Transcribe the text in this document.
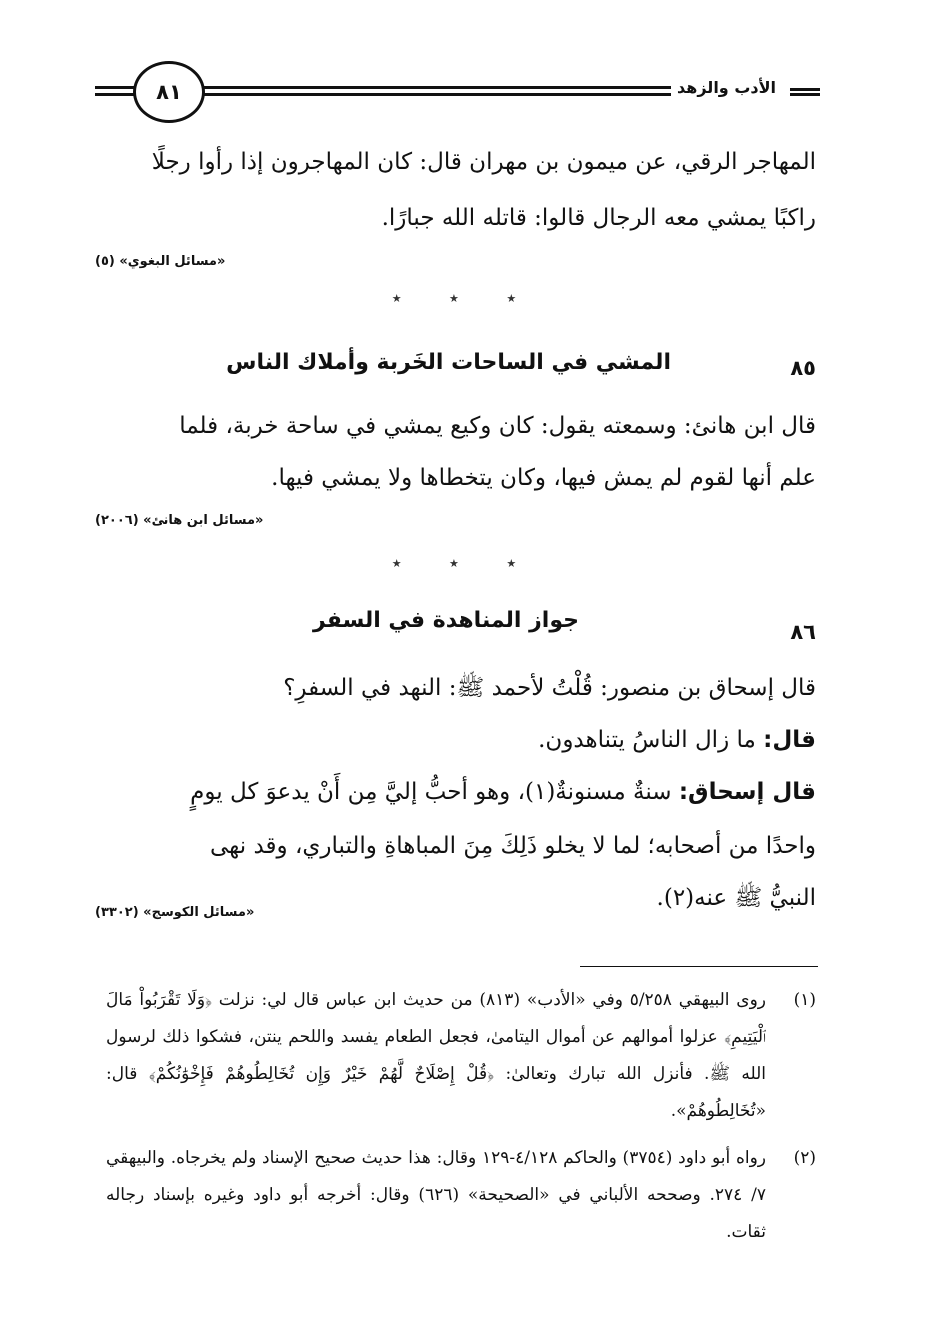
٨١	الأدب والزهد
المهاجر الرقي، عن ميمون بن مهران قال: كان المهاجرون إذا رأوا رجلًا
راكبًا يمشي معه الرجال قالوا: قاتله الله جبارًا.
«مسائل البغوي» (٥)
★ ★ ★
٨٥
المشي في الساحات الخَربة وأملاك الناس
قال ابن هانئ: وسمعته يقول: كان وكيع يمشي في ساحة خربة، فلما
علم أنها لقوم لم يمش فيها، وكان يتخطاها ولا يمشي فيها.
«مسائل ابن هانئ» (٢٠٠٦)
★ ★ ★
٨٦
جواز المناهدة في السفر
قال إسحاق بن منصور: قُلْتُ لأحمد ﷺ: النهد في السفرِ؟
قال: ما زال الناسُ يتناهدون.
قال إسحاق: سنةٌ مسنونةٌ(١)، وهو أحبُّ إليَّ مِن أَنْ يدعوَ كل يومٍ
واحدًا من أصحابه؛ لما لا يخلو ذَلِكَ مِنَ المباهاةِ والتباري، وقد نهى
النبيُّ ﷺ عنه(٢).
«مسائل الكوسج» (٣٣٠٢)
(١)
روى البيهقي ٥/٢٥٨ وفي «الأدب» (٨١٣) من حديث ابن عباس قال لي: نزلت ﴿وَلَا تَقْرَبُواْ مَالَ ٱلْيَتِيمِ﴾ عزلوا أموالهم عن أموال اليتامىٰ، فجعل الطعام يفسد واللحم ينتن، فشكوا ذلك لرسول الله ﷺ. فأنزل الله تبارك وتعالىٰ: ﴿قُلْ إِصْلَاحٌ لَّهُمْ خَيْرٌ وَإِن تُخَالِطُوهُمْ فَإِخْوَٰنُكُمْ﴾ قال: «تُخَالِطُوهُمْ».
(٢)
رواه أبو داود (٣٧٥٤) والحاكم ٤/١٢٨-١٢٩ وقال: هذا حديث صحيح الإسناد ولم يخرجاه. والبيهقي ٧/ ٢٧٤. وصححه الألباني في «الصحيحة» (٦٢٦) وقال: أخرجه أبو داود وغيره بإسناد رجاله ثقات.
